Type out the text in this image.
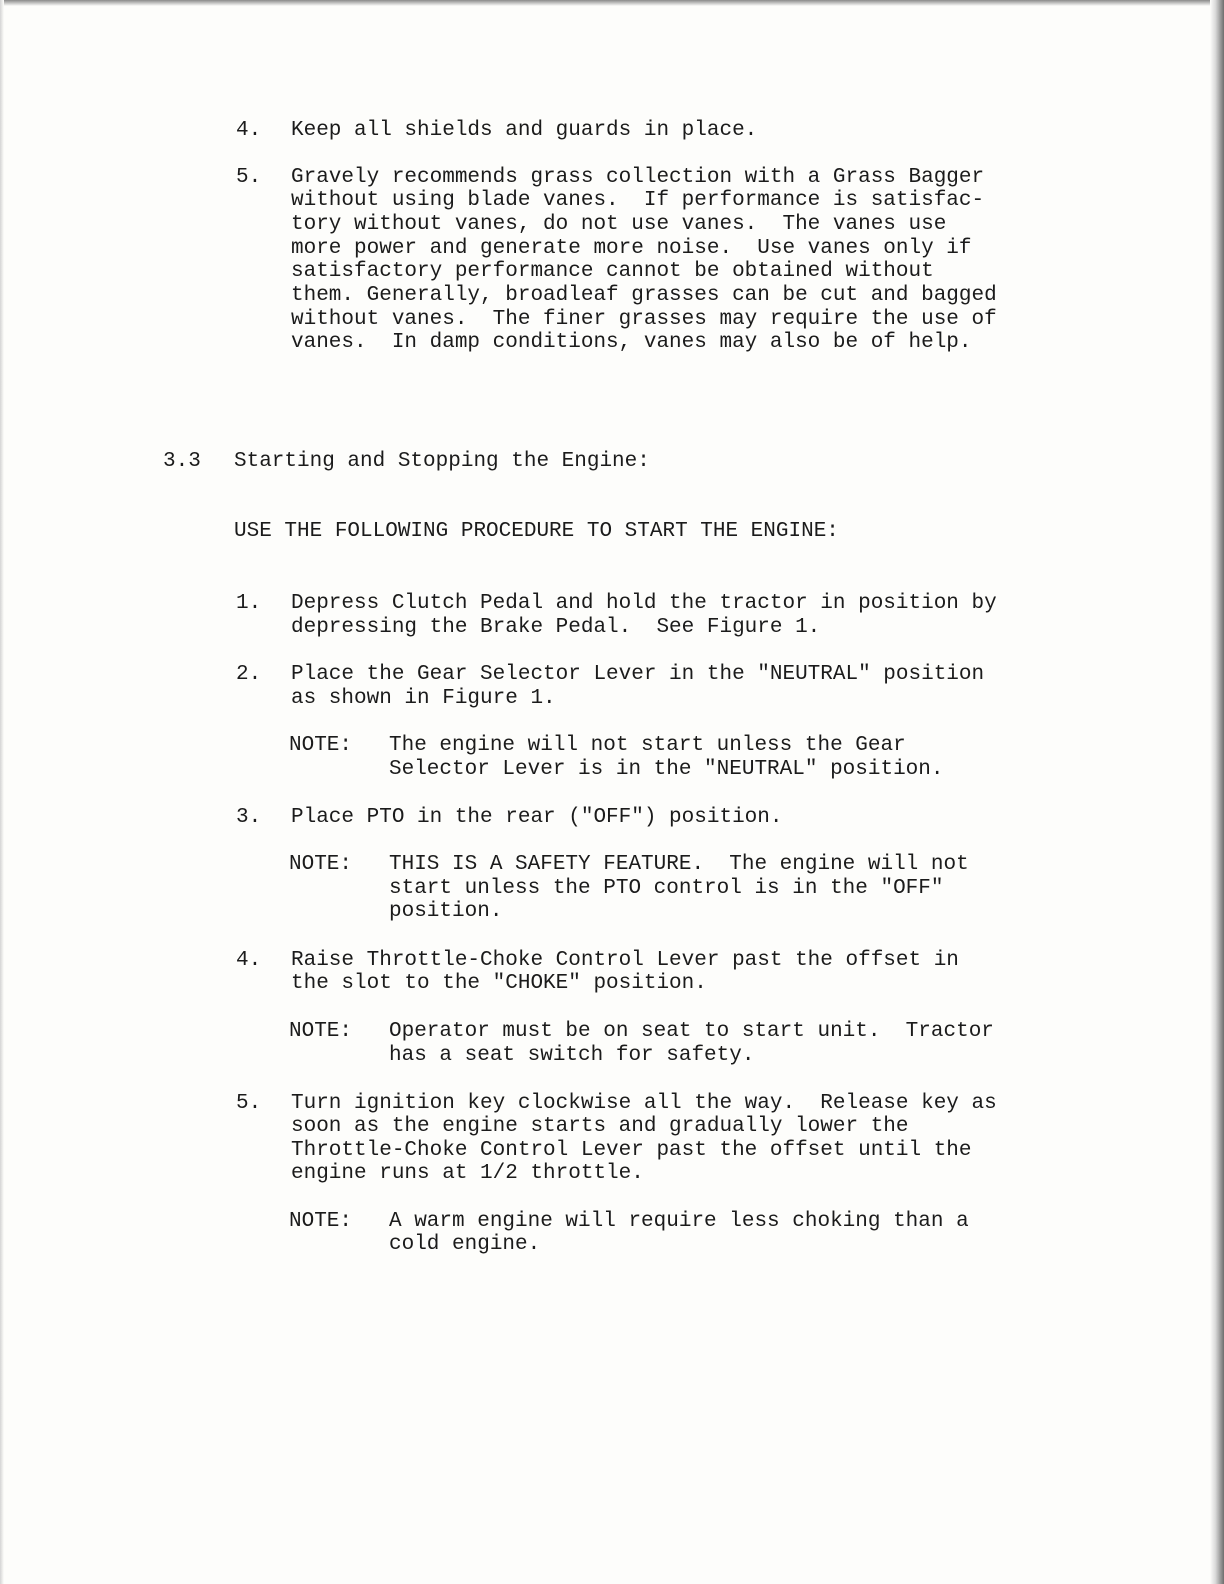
4. Keep all shields and guards in place.
5. Gravely recommends grass collection with a Grass Bagger
without using blade vanes.  If performance is satisfac-
tory without vanes, do not use vanes.  The vanes use
more power and generate more noise.  Use vanes only if
satisfactory performance cannot be obtained without
them. Generally, broadleaf grasses can be cut and bagged
without vanes.  The finer grasses may require the use of
vanes.  In damp conditions, vanes may also be of help.
3.3 Starting and Stopping the Engine:
USE THE FOLLOWING PROCEDURE TO START THE ENGINE:
1. Depress Clutch Pedal and hold the tractor in position by
depressing the Brake Pedal.  See Figure 1.
2. Place the Gear Selector Lever in the "NEUTRAL" position
as shown in Figure 1.
NOTE: The engine will not start unless the Gear
Selector Lever is in the "NEUTRAL" position.
3. Place PTO in the rear ("OFF") position.
NOTE: THIS IS A SAFETY FEATURE.  The engine will not
start unless the PTO control is in the "OFF"
position.
4. Raise Throttle-Choke Control Lever past the offset in
the slot to the "CHOKE" position.
NOTE: Operator must be on seat to start unit.  Tractor
has a seat switch for safety.
5. Turn ignition key clockwise all the way.  Release key as
soon as the engine starts and gradually lower the
Throttle-Choke Control Lever past the offset until the
engine runs at 1/2 throttle.
NOTE: A warm engine will require less choking than a
cold engine.
